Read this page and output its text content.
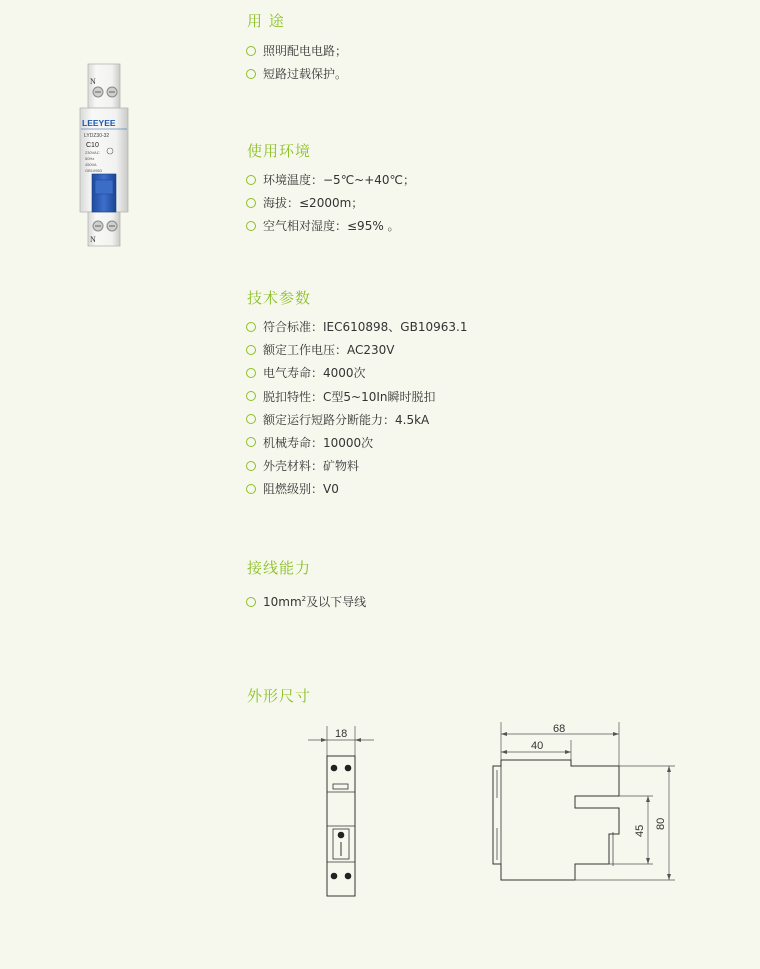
用 途
照明配电电路；
短路过载保护。
使用环境
环境温度：−5℃~+40℃；
海拔：≤2000m；
空气相对湿度：≤95% 。
技术参数
符合标准：IEC610898、GB10963.1
额定工作电压：AC230V
电气寿命：4000次
脱扣特性：C型5~10In瞬时脱扣
额定运行短路分断能力：4.5kA
机械寿命：10000次
外壳材料：矿物料
阻燃级别：V0
接线能力
$10mm^2$及以下导线
外形尺寸
N
LEEYEE
LYDZ30-32
C10
230VAC
50Hz
4500A
GB10963
N
18	68
40
45
80
